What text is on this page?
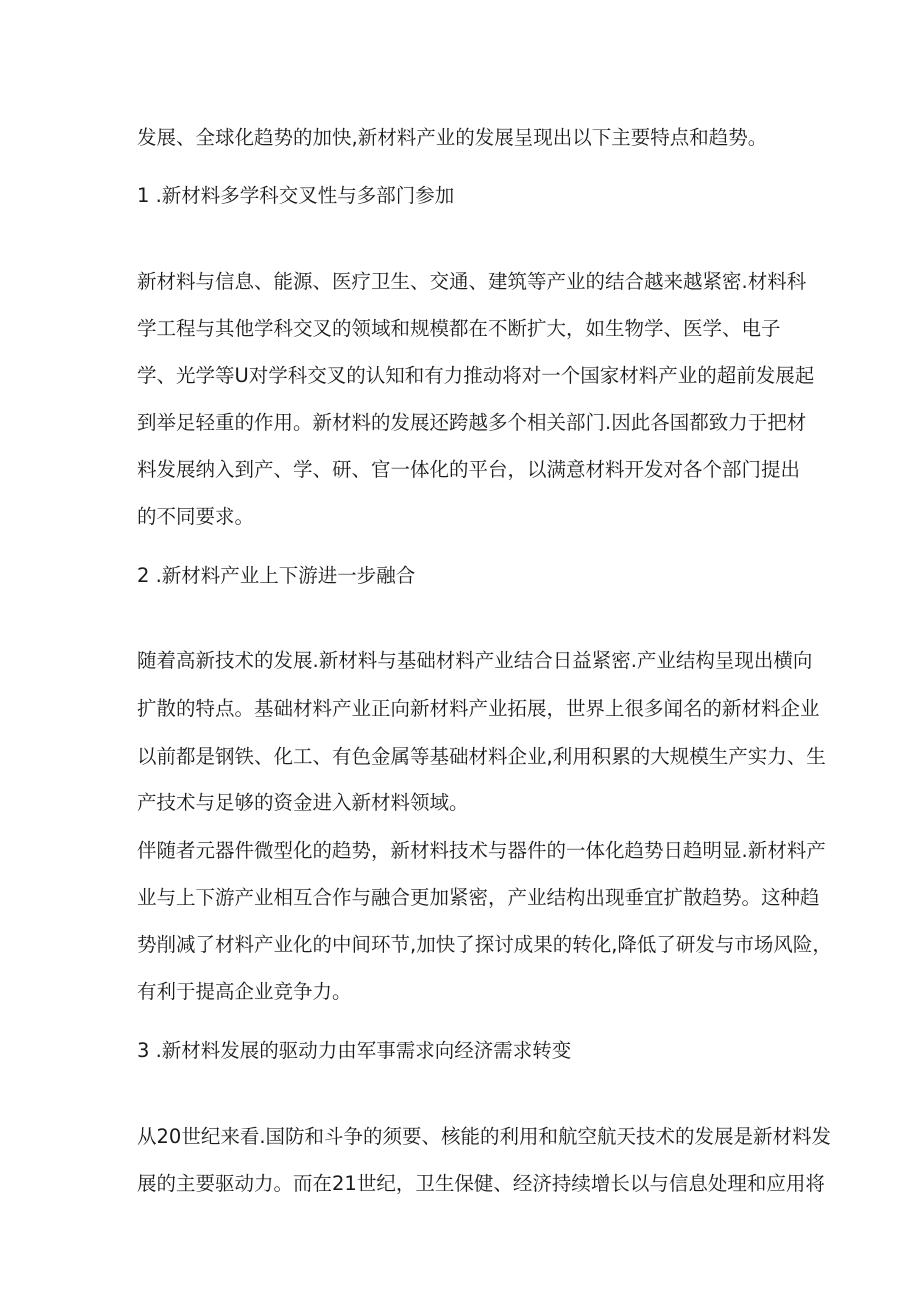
发展、全球化趋势的加快,新材料产业的发展呈现出以下主要特点和趋势。
1 .新材料多学科交叉性与多部门参加
新材料与信息、能源、医疗卫生、交通、建筑等产业的结合越来越紧密.材料科
学工程与其他学科交叉的领域和规模都在不断扩大，如生物学、医学、电子
学、光学等U对学科交叉的认知和有力推动将对一个国家材料产业的超前发展起
到举足轻重的作用。新材料的发展还跨越多个相关部门.因此各国都致力于把材
料发展纳入到产、学、研、官一体化的平台，以满意材料开发对各个部门提出
的不同要求。
2 .新材料产业上下游进一步融合
随着高新技术的发展.新材料与基础材料产业结合日益紧密.产业结构呈现出横向
扩散的特点。基础材料产业正向新材料产业拓展，世界上很多闻名的新材料企业
以前都是钢铁、化工、有色金属等基础材料企业,利用积累的大规模生产实力、生
产技术与足够的资金进入新材料领域。
伴随者元器件微型化的趋势，新材料技术与器件的一体化趋势日趋明显.新材料产
业与上下游产业相互合作与融合更加紧密，产业结构出现垂宜扩散趋势。这种趋
势削减了材料产业化的中间环节,加快了探讨成果的转化,降低了研发与市场风险，
有利于提高企业竞争力。
3 .新材料发展的驱动力由军事需求向经济需求转变
从20世纪来看.国防和斗争的须要、核能的利用和航空航天技术的发展是新材料发
展的主要驱动力。而在21世纪，卫生保健、经济持续增长以与信息处理和应用将
